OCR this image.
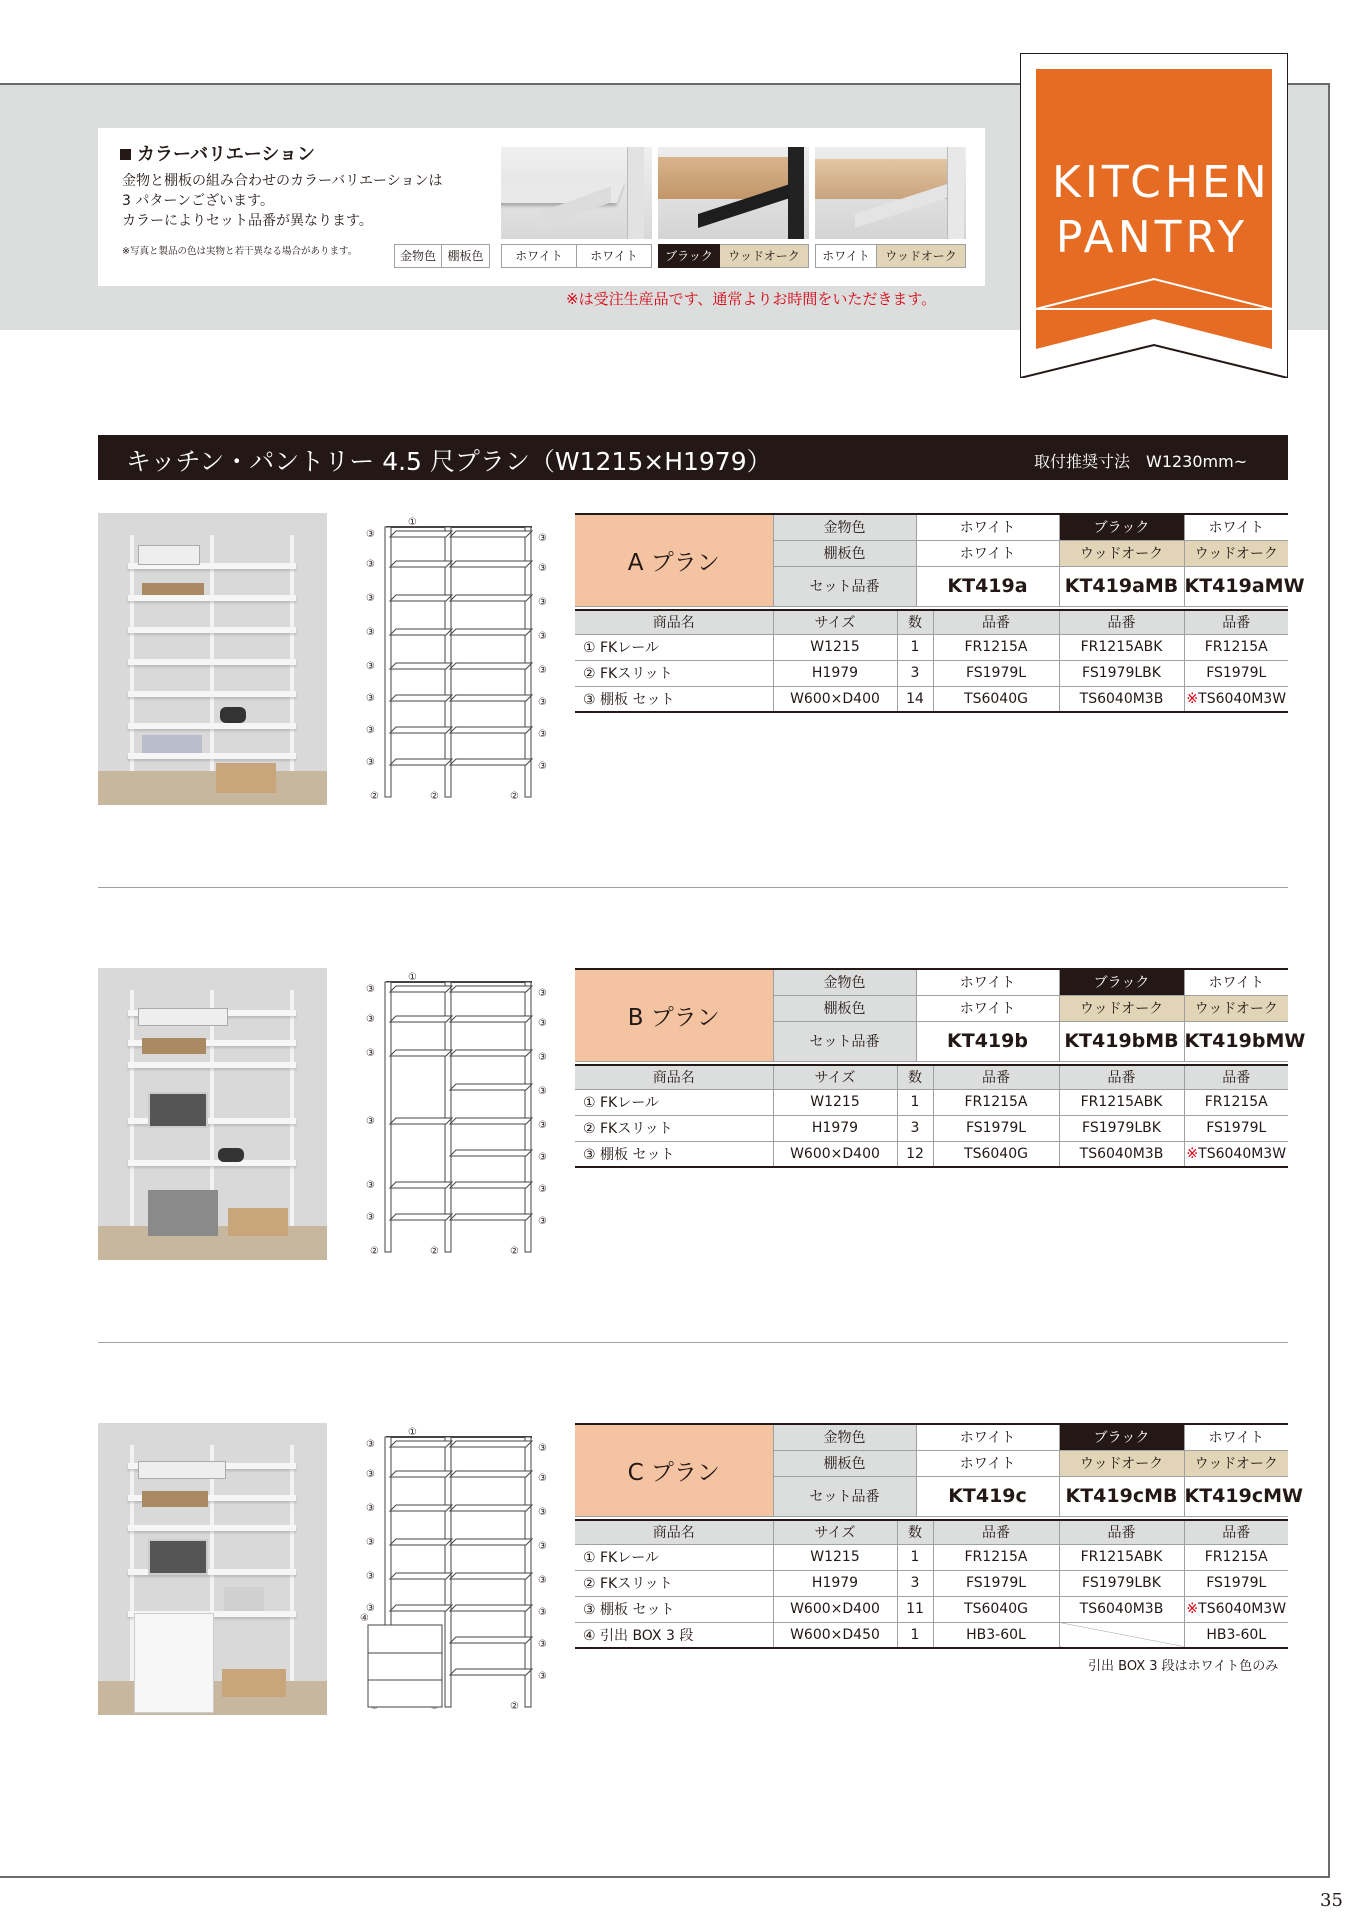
35
カラーバリエーション
金物と棚板の組み合わせのカラーバリエーションは
3 パターンございます。
カラーによりセット品番が異なります。
※写真と製品の色は実物と若干異なる場合があります。	金物色 棚板色	ホワイト	ホワイト	ブラック	ウッドオーク	ホワイト	ウッドオーク
※は受注生産品です、通常よりお時間をいただきます。
KITCHEN
PANTRY
キッチン・パントリー 4.5 尺プラン（W1215×H1979）	取付推奨寸法　W1230mm~
①
②	②	②
③
③
③
③
③
③
③
③
③
③
③
③
③
③
③
③
A プラン	金物色	ホワイト	ブラック	ホワイト
	棚板色	ホワイト	ウッドオーク	ウッドオーク
	セット品番	KT419a	KT419aMB	KT419aMW
商品名	サイズ	数	品番	品番	品番
① FKレール	W1215	1	FR1215A	FR1215ABK	FR1215A
② FKスリット	H1979	3	FS1979L	FS1979LBK	FS1979L
③ 棚板 セット	W600×D400	14	TS6040G	TS6040M3B	※TS6040M3W
①
②	②	②
③
③
③
③
③
③
③
③
③
③
③
③
③
③
B プラン	金物色	ホワイト	ブラック	ホワイト
	棚板色	ホワイト	ウッドオーク	ウッドオーク
	セット品番	KT419b	KT419bMB	KT419bMW
商品名	サイズ	数	品番	品番	品番
① FKレール	W1215	1	FR1215A	FR1215ABK	FR1215A
② FKスリット	H1979	3	FS1979L	FS1979LBK	FS1979L
③ 棚板 セット	W600×D400	12	TS6040G	TS6040M3B	※TS6040M3W
①
②
③
③
③
③
③
③
③
③
③
③
③
③
③
③
④
C プラン	金物色	ホワイト	ブラック	ホワイト
	棚板色	ホワイト	ウッドオーク	ウッドオーク
	セット品番	KT419c	KT419cMB	KT419cMW
商品名	サイズ	数	品番	品番	品番
① FKレール	W1215	1	FR1215A	FR1215ABK	FR1215A
② FKスリット	H1979	3	FS1979L	FS1979LBK	FS1979L
③ 棚板 セット	W600×D400	11	TS6040G	TS6040M3B	※TS6040M3W
④ 引出 BOX 3 段	W600×D450	1	HB3-60L		HB3-60L
引出 BOX 3 段はホワイト色のみ
